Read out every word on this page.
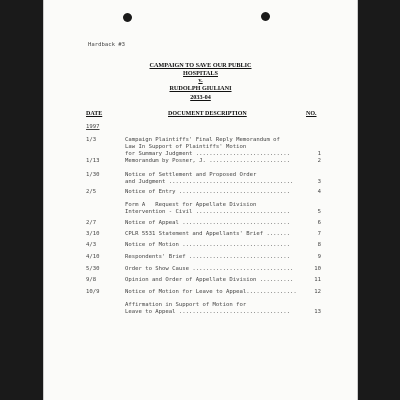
Hardback #3
CAMPAIGN TO SAVE OUR PUBLIC
HOSPITALS
v.
RUDOLPH GIULIANI
2033-04
DATE	DOCUMENT DESCRIPTION	NO.
1997
1/3	Campaign Plaintiffs' Final Reply Memorandum of
Law In Support of Plaintiffs' Motion
for Summary Judgment ............................	1
1/13	Memorandum by Posner, J. ........................	2
1/30	Notice of Settlement and Proposed Order
and Judgment .....................................	3
2/5	Notice of Entry .................................	4
Form A   Request for Appellate Division
Intervention - Civil ............................	5
2/7	Notice of Appeal ................................	6
3/10	CPLR 5531 Statement and Appellants' Brief .......	7
4/3	Notice of Motion ................................	8
4/10	Respondents' Brief ..............................	9
5/30	Order to Show Cause ..............................	10
9/8	Opinion and Order of Appellate Division ..........	11
10/9	Notice of Motion for Leave to Appeal...............	12
Affirmation in Support of Motion for
Leave to Appeal .................................	13
